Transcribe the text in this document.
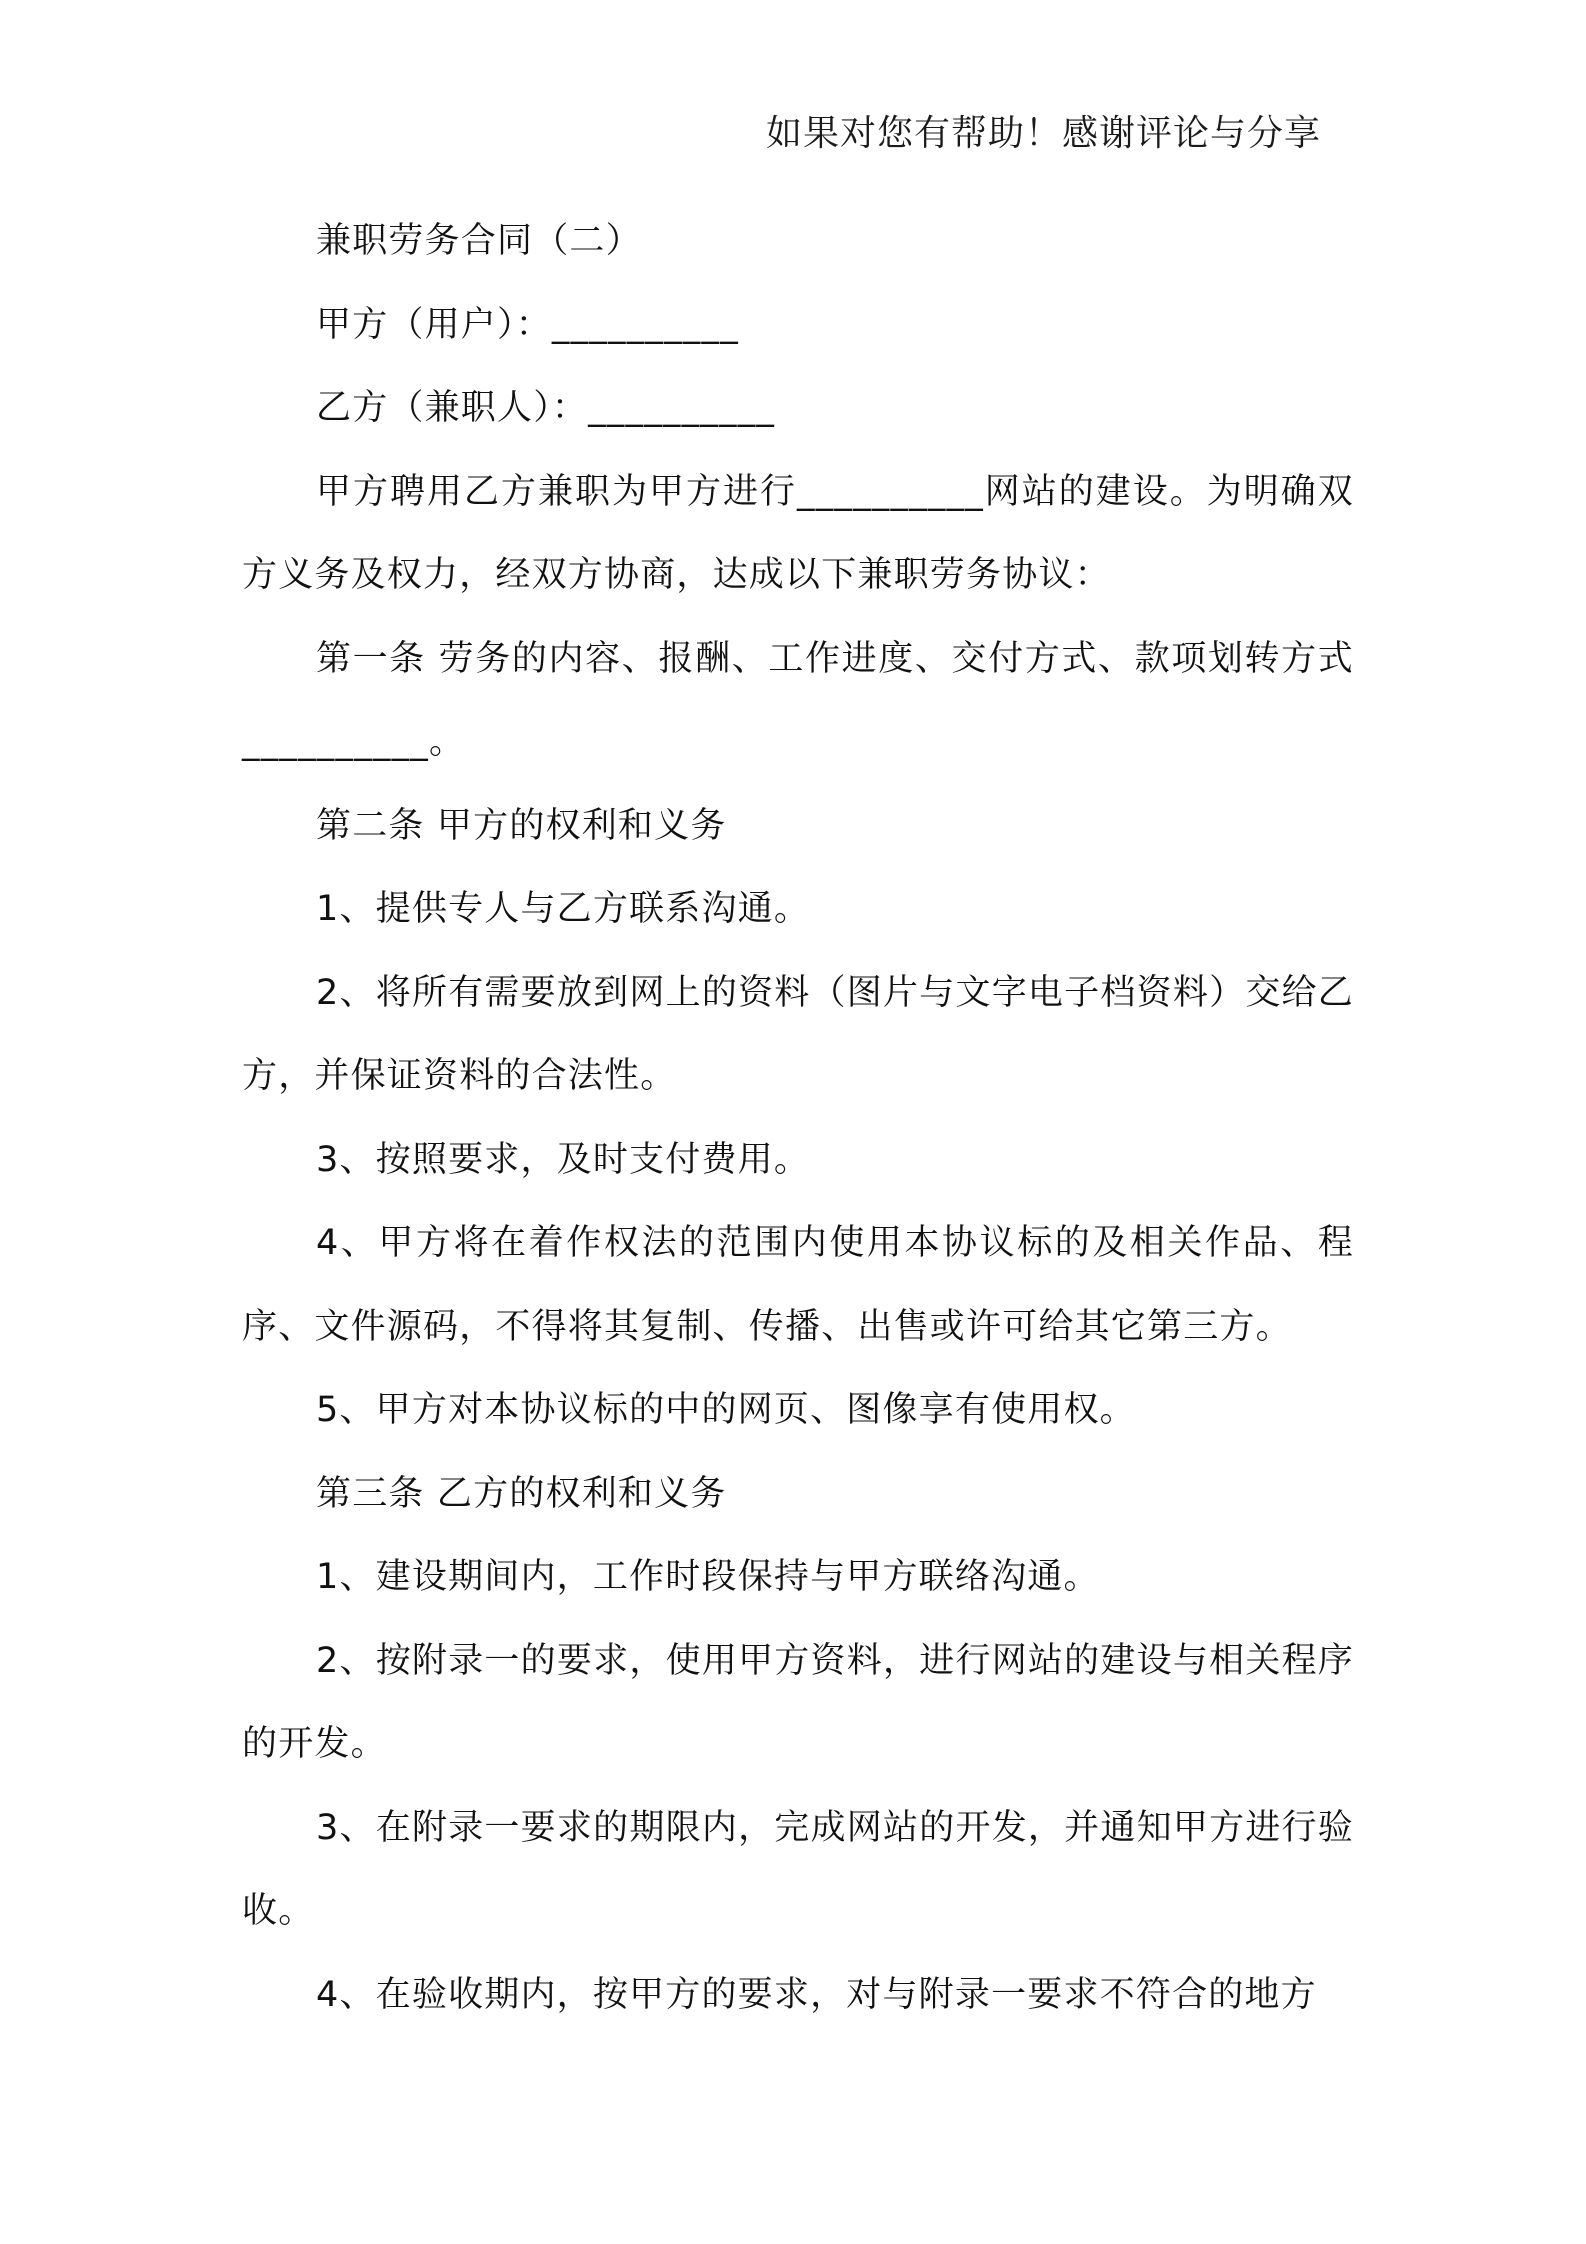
如果对您有帮助！感谢评论与分享

兼职劳务合同（二）

甲方（用户）：__________

乙方（兼职人）：__________

甲方聘用乙方兼职为甲方进行__________网站的建设。为明确双方义务及权力，经双方协商，达成以下兼职劳务协议：

第一条 劳务的内容、报酬、工作进度、交付方式、款项划转方式__________。

第二条 甲方的权利和义务

1、提供专人与乙方联系沟通。

2、将所有需要放到网上的资料（图片与文字电子档资料）交给乙方，并保证资料的合法性。

3、按照要求，及时支付费用。

4、甲方将在着作权法的范围内使用本协议标的及相关作品、程序、文件源码，不得将其复制、传播、出售或许可给其它第三方。

5、甲方对本协议标的中的网页、图像享有使用权。

第三条 乙方的权利和义务

1、建设期间内，工作时段保持与甲方联络沟通。

2、按附录一的要求，使用甲方资料，进行网站的建设与相关程序的开发。

3、在附录一要求的期限内，完成网站的开发，并通知甲方进行验收。

4、在验收期内，按甲方的要求，对与附录一要求不符合的地方
